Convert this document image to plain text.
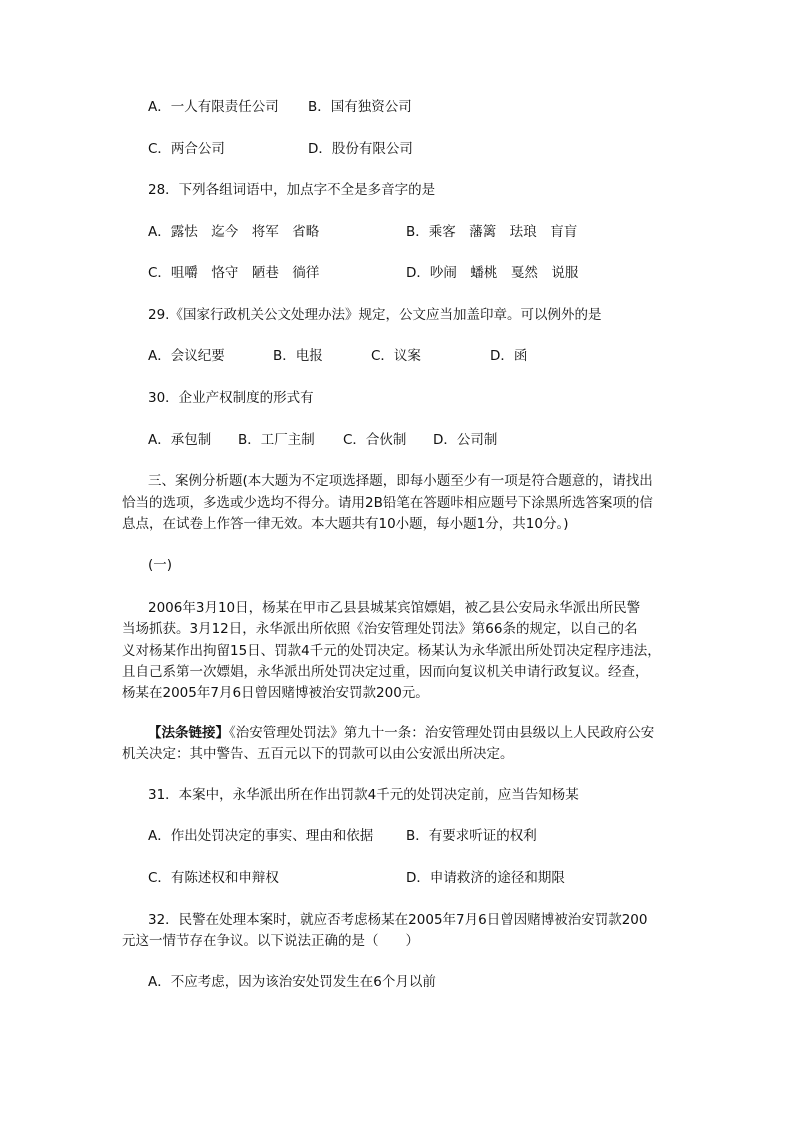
A．一人有限责任公司 B．国有独资公司
C．两合公司	D．股份有限公司
28．下列各组词语中，加点字不全是多音字的是
A．露怯　迄今　将军　省略	B．乘客　藩篱　珐琅　肓肓
C．咀嚼　恪守　陋巷　徜徉	D．吵闹　蟠桃　戛然　说服
29.《国家行政机关公文处理办法》规定，公文应当加盖印章。可以例外的是
A．会议纪要	B．电报	C．议案	D．函
30．企业产权制度的形式有
A．承包制 B．工厂主制 C．合伙制 D．公司制
三、案例分析题(本大题为不定项选择题，即每小题至少有一项是符合题意的，请找出
恰当的选项，多选或少选均不得分。请用2B铅笔在答题咔相应题号下涂黑所选答案项的信
息点，在试卷上作答一律无效。本大题共有10小题，每小题1分，共10分。)
(一)
2006年3月10日，杨某在甲市乙县县城某宾馆嫖娼，被乙县公安局永华派出所民警
当场抓获。3月12日，永华派出所依照《治安管理处罚法》第66条的规定，以自己的名
义对杨某作出拘留15日、罚款4千元的处罚决定。杨某认为永华派出所处罚决定程序违法，
且自己系第一次嫖娼，永华派出所处罚决定过重，因而向复议机关申请行政复议。经查，
杨某在2005年7月6日曾因赌博被治安罚款200元。
【法条链接】《治安管理处罚法》第九十一条：治安管理处罚由县级以上人民政府公安
机关决定：其中警告、五百元以下的罚款可以由公安派出所决定。
31．本案中，永华派出所在作出罚款4千元的处罚决定前，应当告知杨某
A．作出处罚决定的事实、理由和依据 B．有要求听证的权利
C．有陈述权和申辩权	D．申请救济的途径和期限
32．民警在处理本案时，就应否考虑杨某在2005年7月6日曾因赌博被治安罚款200
元这一情节存在争议。以下说法正确的是（　　）
A．不应考虑，因为该治安处罚发生在6个月以前
